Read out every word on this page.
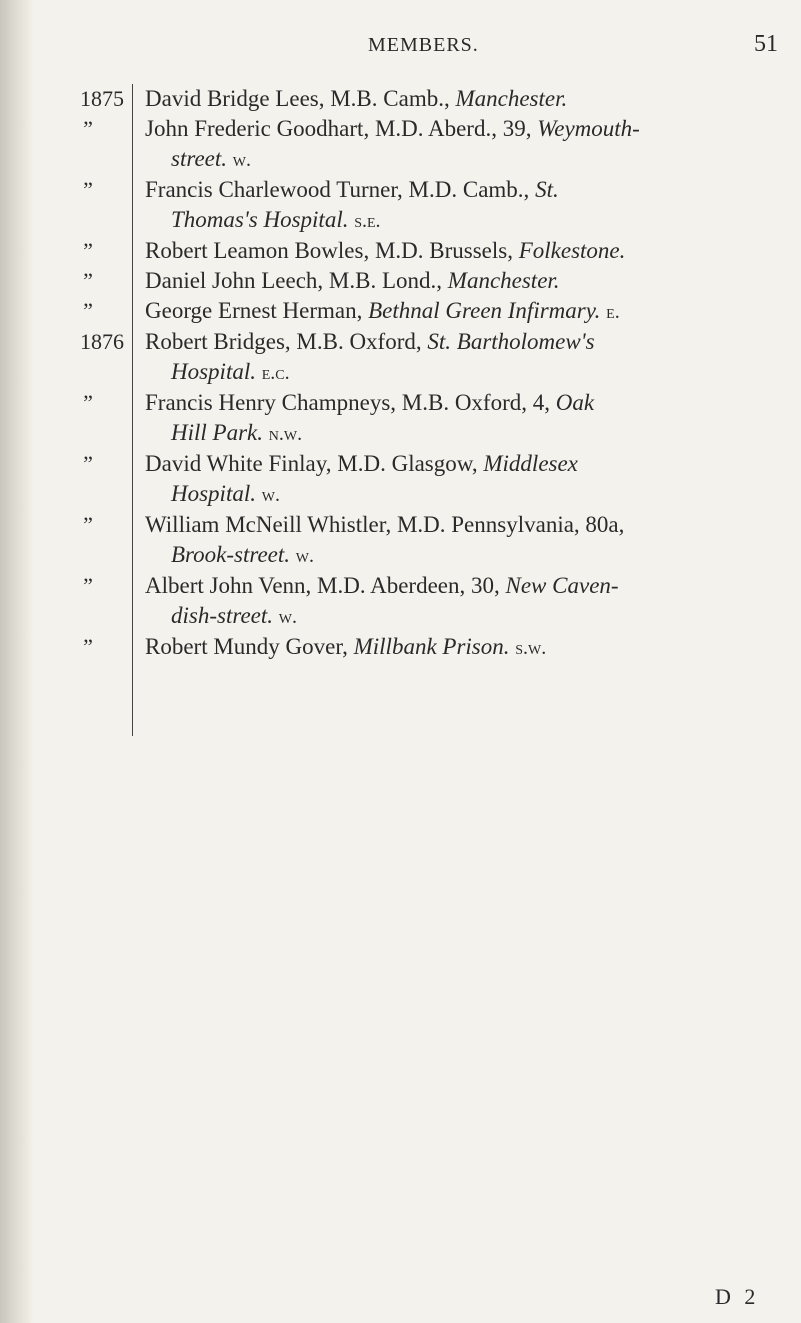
MEMBERS.	51
1875 David Bridge Lees, M.B. Camb., Manchester.
”	John Frederic Goodhart, M.D. Aberd., 39, Weymouth-
street. w.
”	Francis Charlewood Turner, M.D. Camb., St.
Thomas's Hospital. s.e.
”	Robert Leamon Bowles, M.D. Brussels, Folkestone.
”	Daniel John Leech, M.B. Lond., Manchester.
”	George Ernest Herman, Bethnal Green Infirmary. e.
1876 Robert Bridges, M.B. Oxford, St. Bartholomew's
Hospital. e.c.
”	Francis Henry Champneys, M.B. Oxford, 4, Oak
Hill Park. n.w.
”	David White Finlay, M.D. Glasgow, Middlesex
Hospital. w.
”	William McNeill Whistler, M.D. Pennsylvania, 80a,
Brook-street. w.
”	Albert John Venn, M.D. Aberdeen, 30, New Caven-
dish-street. w.
”	Robert Mundy Gover, Millbank Prison. s.w.
D 2
